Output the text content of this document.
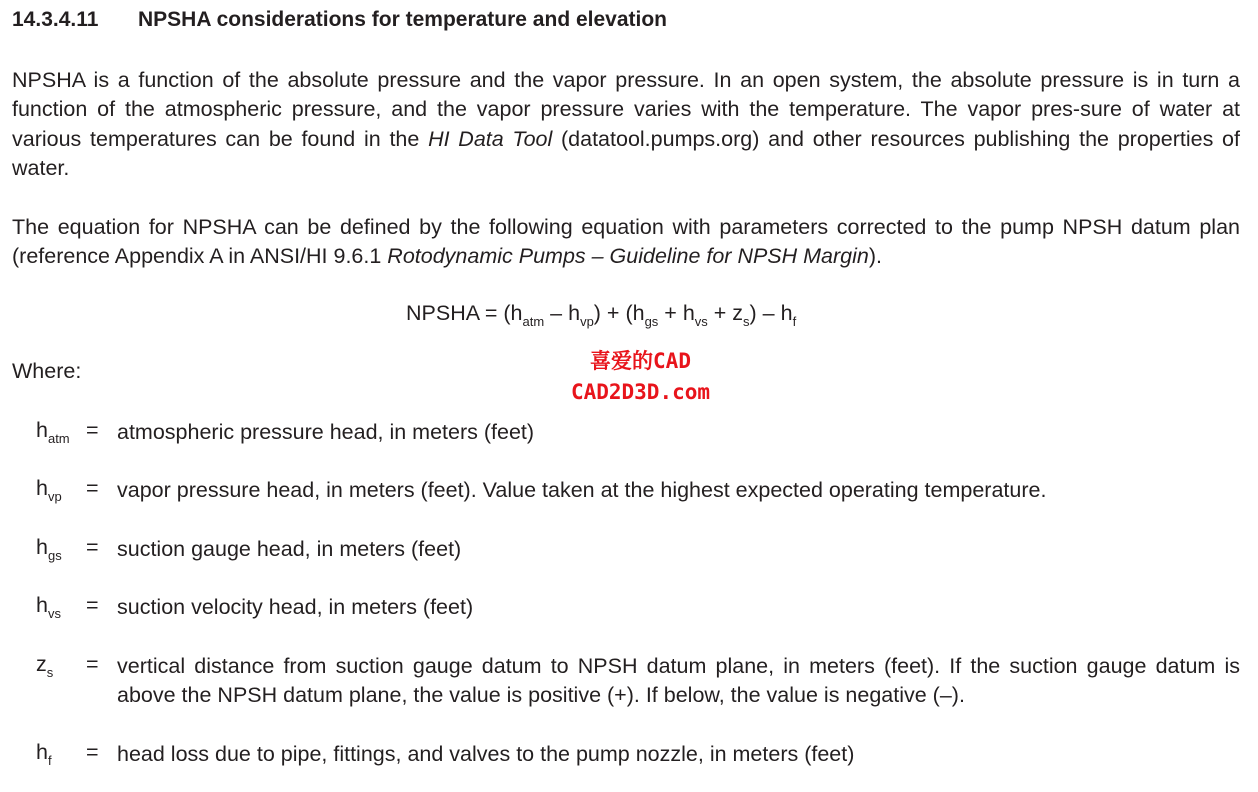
14.3.4.11 NPSHA considerations for temperature and elevation
NPSHA is a function of the absolute pressure and the vapor pressure. In an open system, the absolute pressure is in turn a function of the atmospheric pressure, and the vapor pressure varies with the temperature. The vapor pres-sure of water at various temperatures can be found in the HI Data Tool (datatool.pumps.org) and other resources publishing the properties of water.
The equation for NPSHA can be defined by the following equation with parameters corrected to the pump NPSH datum plan (reference Appendix A in ANSI/HI 9.6.1 Rotodynamic Pumps – Guideline for NPSH Margin).
NPSHA = $(h_{atm} - h_{vp}) + (h_{gs} + h_{vs} + z_s) - h_f$
Where:	喜爱的CAD
CAD2D3D.com
$h_{atm}$ = atmospheric pressure head, in meters (feet)
$h_{vp}$ = vapor pressure head, in meters (feet). Value taken at the highest expected operating temperature.
$h_{gs}$ = suction gauge head, in meters (feet)
$h_{vs}$ = suction velocity head, in meters (feet)
$z_s$ = vertical distance from suction gauge datum to NPSH datum plane, in meters (feet). If the suction gauge datum is above the NPSH datum plane, the value is positive (+). If below, the value is negative (–).
$h_f$ = head loss due to pipe, fittings, and valves to the pump nozzle, in meters (feet)
